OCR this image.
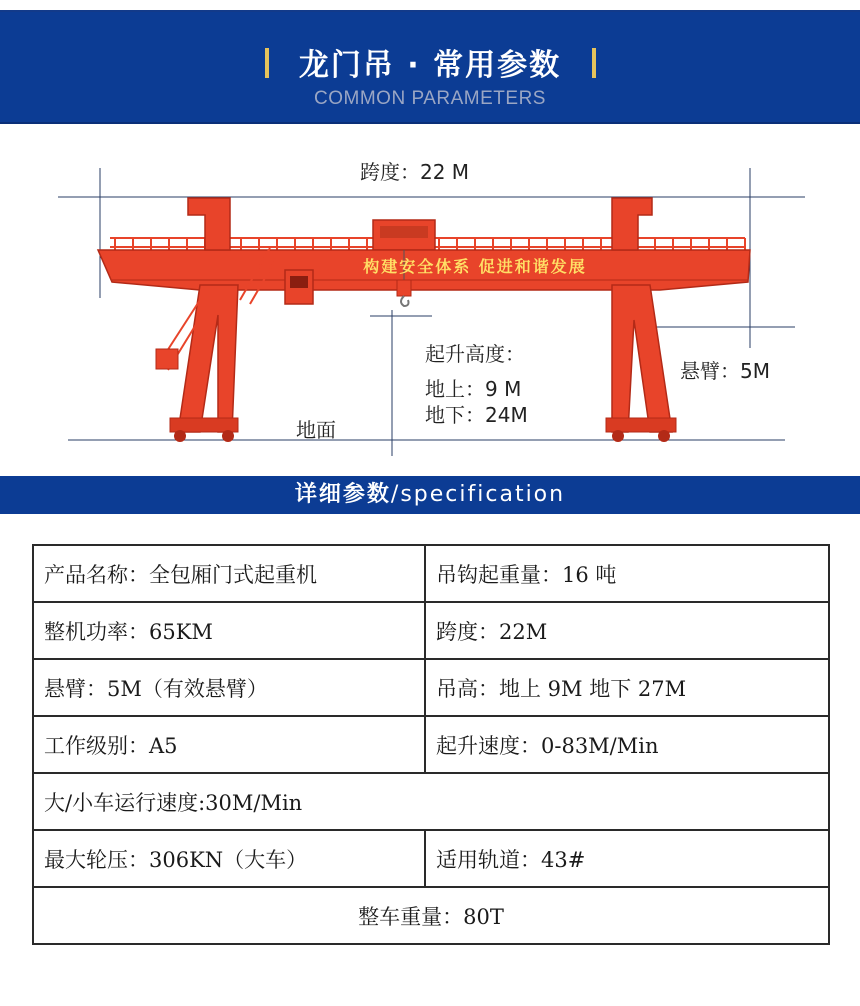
龙门吊 · 常用参数
COMMON PARAMETERS
构建安全体系 促进和谐发展
跨度：22 M
起升高度：
地上：9 M
地下：24M
悬臂：5M
地面
详细参数/specification
产品名称：全包厢门式起重机	吊钩起重量：16 吨
整机功率：65KM	跨度：22M
悬臂：5M（有效悬臂）	吊高：地上 9M 地下 27M
工作级别：A5	起升速度：0-83M/Min
大/小车运行速度:30M/Min	
最大轮压：306KN（大车）	适用轨道：43#
整车重量：80T	
